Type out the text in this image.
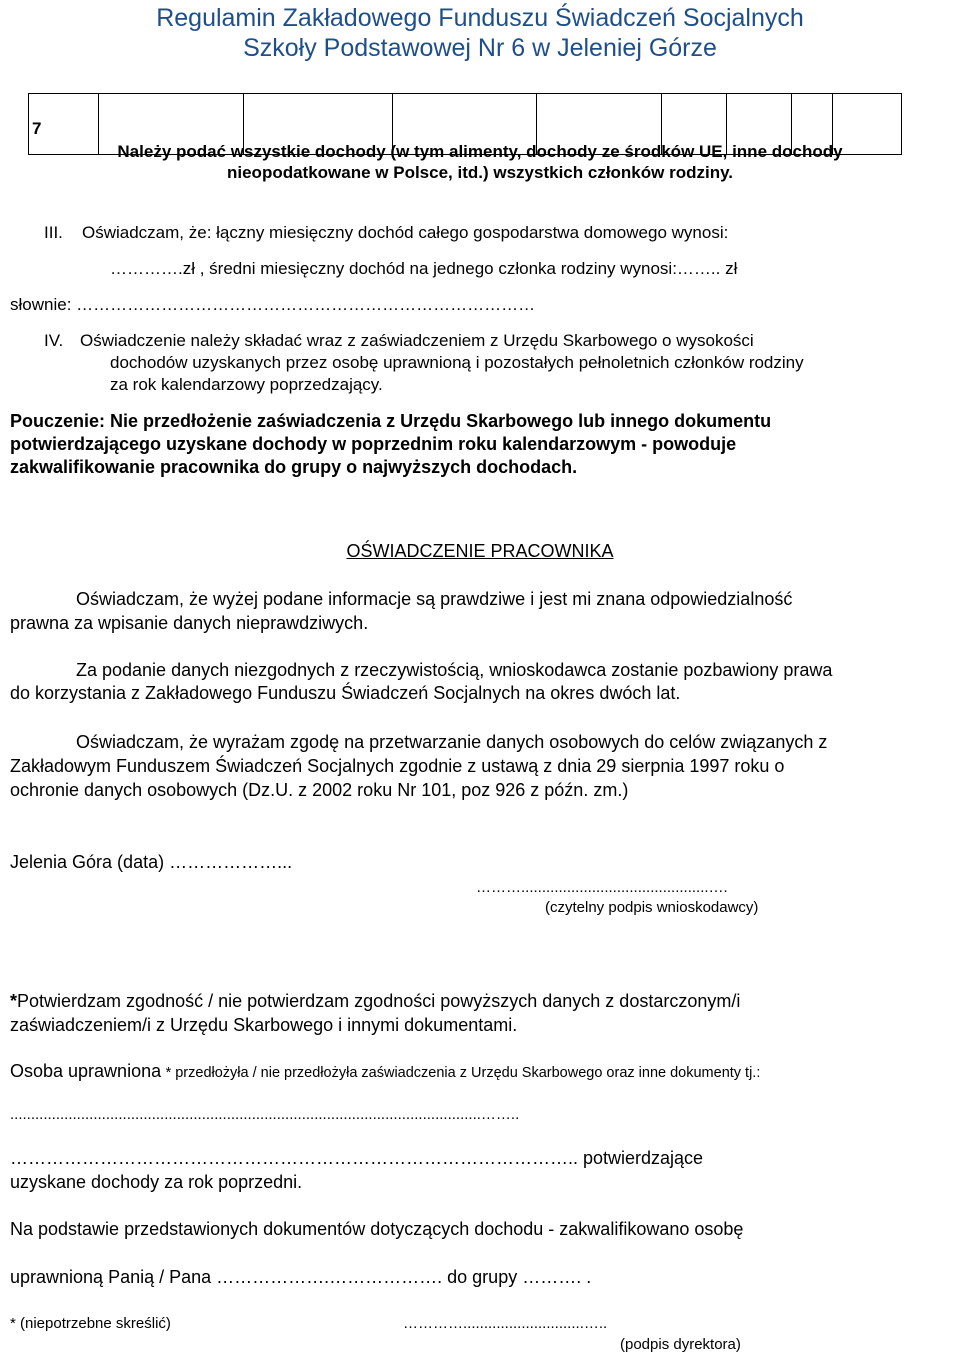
Regulamin Zakładowego Funduszu Świadczeń Socjalnych
Szkoły Podstawowej Nr 6 w Jeleniej Górze

7
Należy podać wszystkie dochody (w tym alimenty, dochody ze środków UE, inne dochody
nieopodatkowane w Polsce, itd.) wszystkich członków rodziny.
III. Oświadczam, że: łączny miesięczny dochód całego gospodarstwa domowego wynosi:
………….zł , średni miesięczny dochód na jednego członka rodziny wynosi:…….. zł
słownie: ………………………………………………………………………
IV. Oświadczenie należy składać wraz z zaświadczeniem z Urzędu Skarbowego o wysokości
dochodów uzyskanych przez osobę uprawnioną i pozostałych pełnoletnich członków rodziny
za rok kalendarzowy poprzedzający.
Pouczenie: Nie przedłożenie zaświadczenia z Urzędu Skarbowego lub innego dokumentu
potwierdzającego uzyskane dochody w poprzednim roku kalendarzowym - powoduje
zakwalifikowanie pracownika do grupy o najwyższych dochodach.
OŚWIADCZENIE PRACOWNIKA
Oświadczam, że wyżej podane informacje są prawdziwe i jest mi znana odpowiedzialność
prawna za wpisanie danych nieprawdziwych.
Za podanie danych niezgodnych z rzeczywistością, wnioskodawca zostanie pozbawiony prawa
do korzystania z Zakładowego Funduszu Świadczeń Socjalnych na okres dwóch lat.
Oświadczam, że wyrażam zgodę na przetwarzanie danych osobowych do celów związanych z
Zakładowym Funduszem Świadczeń Socjalnych zgodnie z ustawą z dnia 29 sierpnia 1997 roku o
ochronie danych osobowych (Dz.U. z 2002 roku Nr 101, poz 926 z późn. zm.)
Jelenia Góra (data) ………………...
……….............................................….
(czytelny podpis wnioskodawcy)
*Potwierdzam zgodność / nie potwierdzam zgodności powyższych danych z dostarczonym/i
zaświadczeniem/i z Urzędu Skarbowego i innymi dokumentami.
Osoba uprawniona * przedłożyła / nie przedłożyła zaświadczenia z Urzędu Skarbowego oraz inne dokumenty tj.:
.................................................................................................................……..
………………………………………………………………………………….. potwierdzające
uzyskane dochody za rok poprzedni.
Na podstawie przedstawionych dokumentów dotyczących dochodu - zakwalifikowano osobę
uprawnioną Panią / Pana ……………….………………. do grupy ………. .
* (niepotrzebne skreślić)	………….............................…..
(podpis dyrektora)
